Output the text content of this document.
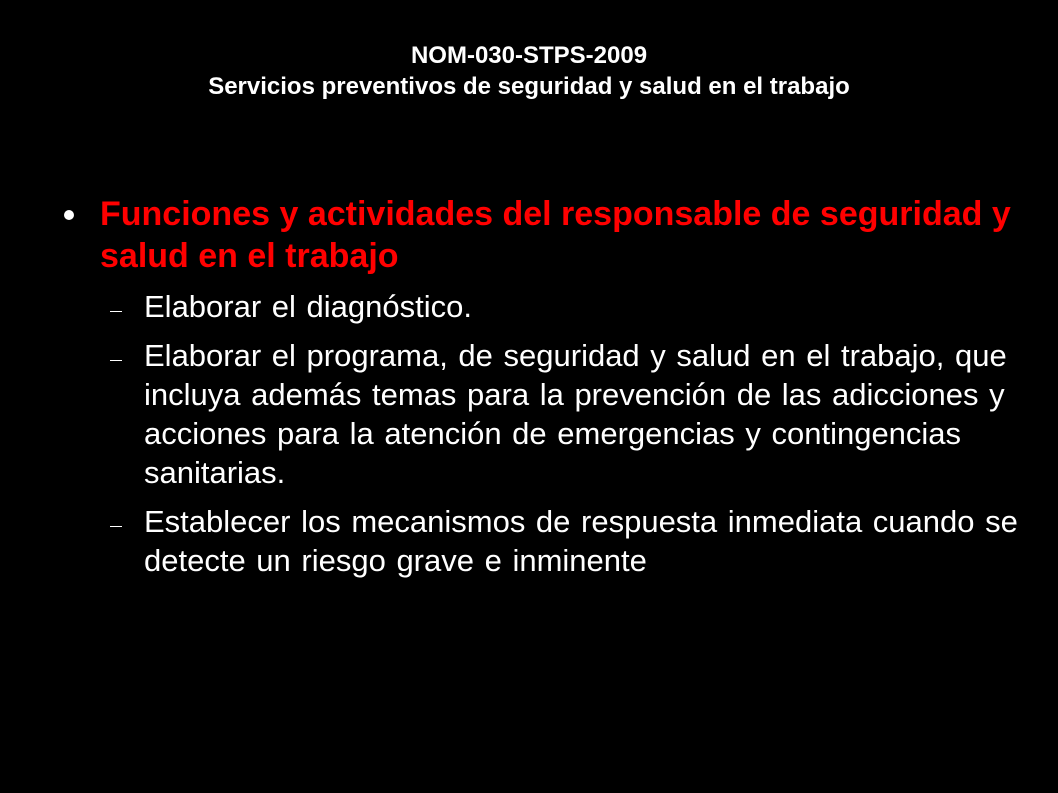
NOM-030-STPS-2009
Servicios preventivos de seguridad y salud en el trabajo
Funciones y actividades del responsable de seguridad y salud en el trabajo
Elaborar el diagnóstico.
Elaborar el programa, de seguridad y salud en el trabajo, que incluya además temas para la prevención de las adicciones y acciones para la atención de emergencias y contingencias sanitarias.
Establecer los mecanismos de respuesta inmediata cuando se detecte un riesgo grave e inminente
